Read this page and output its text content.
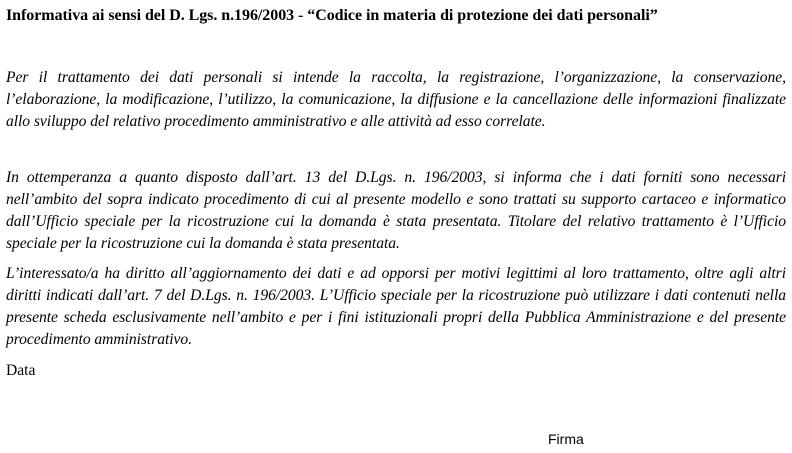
Informativa ai sensi del D. Lgs. n.196/2003 - “Codice in materia di protezione dei dati personali”

Per il trattamento dei dati personali si intende la raccolta, la registrazione, l’organizzazione, la conservazione, l’elaborazione, la modificazione, l’utilizzo, la comunicazione, la diffusione e la cancellazione delle informazioni finalizzate allo sviluppo del relativo procedimento amministrativo e alle attività ad esso correlate.

In ottemperanza a quanto disposto dall’art. 13 del D.Lgs. n. 196/2003, si informa che i dati forniti sono necessari nell’ambito del sopra indicato procedimento di cui al presente modello e sono trattati su supporto cartaceo e informatico dall’Ufficio speciale per la ricostruzione cui la domanda è stata presentata. Titolare del relativo trattamento è l’Ufficio speciale per la ricostruzione cui la domanda è stata presentata.

L’interessato/a ha diritto all’aggiornamento dei dati e ad opporsi per motivi legittimi al loro trattamento, oltre agli altri diritti indicati dall’art. 7 del D.Lgs. n. 196/2003. L’Ufficio speciale per la ricostruzione può utilizzare i dati contenuti nella presente scheda esclusivamente nell’ambito e per i fini istituzionali propri della Pubblica Amministrazione e del presente procedimento amministrativo.

Data
Firma
